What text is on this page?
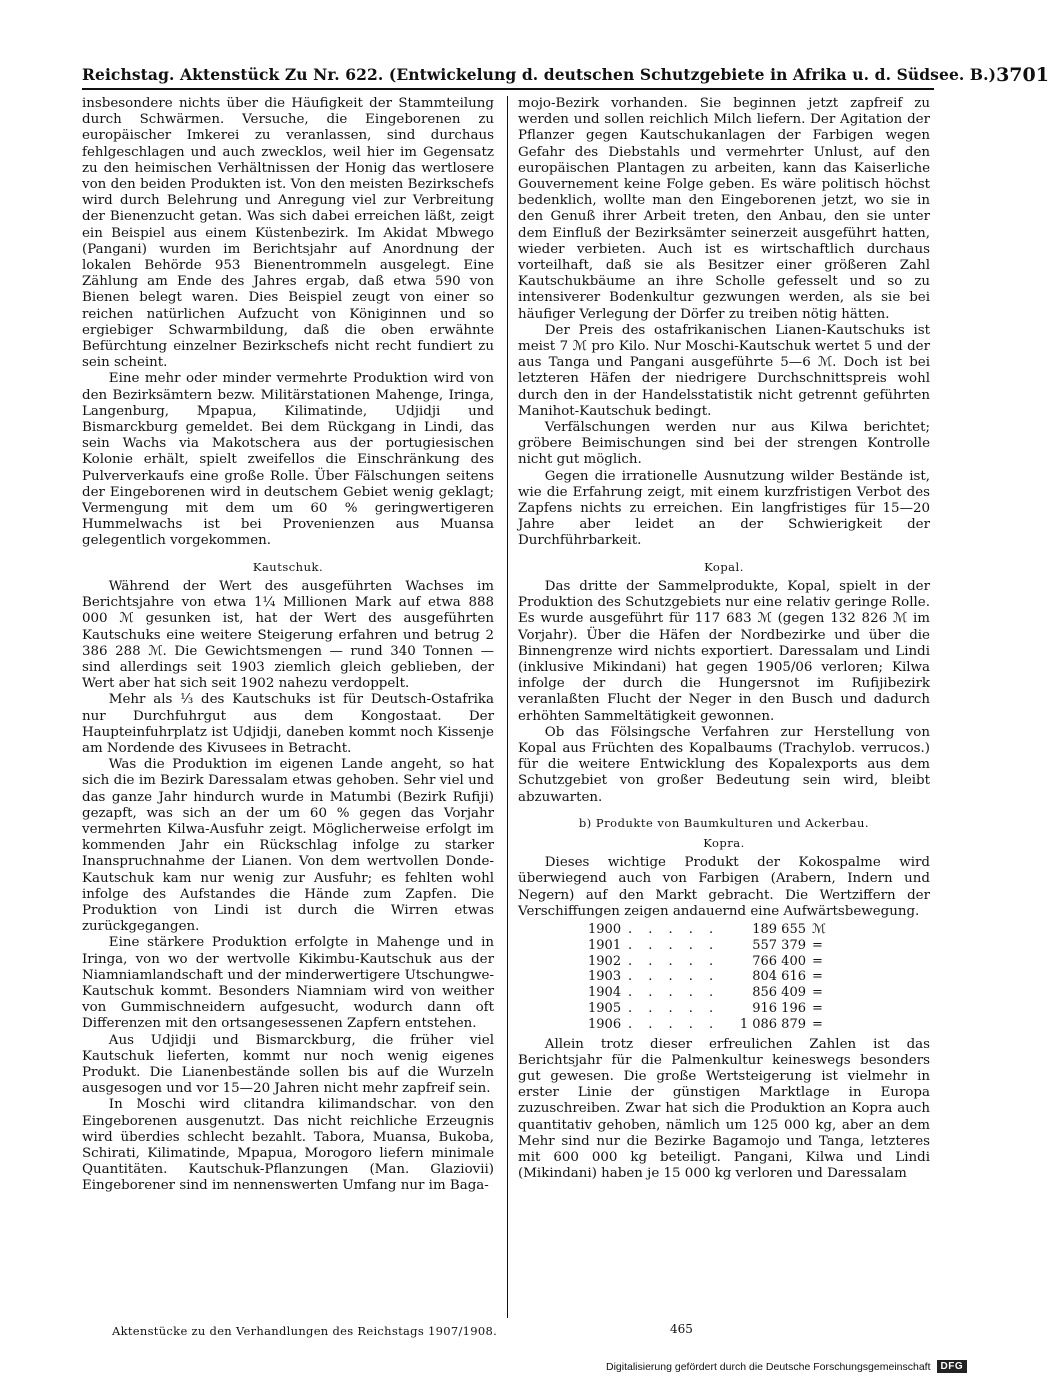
Reichstag. Aktenstück Zu Nr. 622. (Entwickelung d. deutschen Schutzgebiete in Afrika u. d. Südsee. B.) 3701

insbesondere nichts über die Häufigkeit der Stammteilung durch Schwärmen. Versuche, die Eingeborenen zu europäischer Imkerei zu veranlassen, sind durchaus fehlgeschlagen und auch zwecklos, weil hier im Gegensatz zu den heimischen Verhältnissen der Honig das wertlosere von den beiden Produkten ist. Von den meisten Bezirkschefs wird durch Belehrung und Anregung viel zur Verbreitung der Bienenzucht getan. Was sich dabei erreichen läßt, zeigt ein Beispiel aus einem Küstenbezirk. Im Akidat Mbwego (Pangani) wurden im Berichtsjahr auf Anordnung der lokalen Behörde 953 Bienentrommeln ausgelegt. Eine Zählung am Ende des Jahres ergab, daß etwa 590 von Bienen belegt waren. Dies Beispiel zeugt von einer so reichen natürlichen Aufzucht von Königinnen und so ergiebiger Schwarmbildung, daß die oben erwähnte Befürchtung einzelner Bezirkschefs nicht recht fundiert zu sein scheint.

Eine mehr oder minder vermehrte Produktion wird von den Bezirksämtern bezw. Militärstationen Mahenge, Iringa, Langenburg, Mpapua, Kilimatinde, Udjidji und Bismarckburg gemeldet. Bei dem Rückgang in Lindi, das sein Wachs via Makotschera aus der portugiesischen Kolonie erhält, spielt zweifellos die Einschränkung des Pulververkaufs eine große Rolle. Über Fälschungen seitens der Eingeborenen wird in deutschem Gebiet wenig geklagt; Vermengung mit dem um 60 % geringwertigeren Hummelwachs ist bei Provenienzen aus Muansa gelegentlich vorgekommen.

Kautschuk.

Während der Wert des ausgeführten Wachses im Berichtsjahre von etwa 1¼ Millionen Mark auf etwa 888 000 ℳ gesunken ist, hat der Wert des ausgeführten Kautschuks eine weitere Steigerung erfahren und betrug 2 386 288 ℳ. Die Gewichtsmengen — rund 340 Tonnen — sind allerdings seit 1903 ziemlich gleich geblieben, der Wert aber hat sich seit 1902 nahezu verdoppelt.

Mehr als ⅓ des Kautschuks ist für Deutsch-Ostafrika nur Durchfuhrgut aus dem Kongostaat. Der Haupteinfuhrplatz ist Udjidji, daneben kommt noch Kissenje am Nordende des Kivusees in Betracht.

Was die Produktion im eigenen Lande angeht, so hat sich die im Bezirk Daressalam etwas gehoben. Sehr viel und das ganze Jahr hindurch wurde in Matumbi (Bezirk Rufiji) gezapft, was sich an der um 60 % gegen das Vorjahr vermehrten Kilwa-Ausfuhr zeigt. Möglicherweise erfolgt im kommenden Jahr ein Rückschlag infolge zu starker Inanspruchnahme der Lianen. Von dem wertvollen Donde-Kautschuk kam nur wenig zur Ausfuhr; es fehlten wohl infolge des Aufstandes die Hände zum Zapfen. Die Produktion von Lindi ist durch die Wirren etwas zurückgegangen.

Eine stärkere Produktion erfolgte in Mahenge und in Iringa, von wo der wertvolle Kikimbu-Kautschuk aus der Niamniamlandschaft und der minderwertigere Utschungwe-Kautschuk kommt. Besonders Niamniam wird von weither von Gummischneidern aufgesucht, wodurch dann oft Differenzen mit den ortsangesessenen Zapfern entstehen.

Aus Udjidji und Bismarckburg, die früher viel Kautschuk lieferten, kommt nur noch wenig eigenes Produkt. Die Lianenbestände sollen bis auf die Wurzeln ausgesogen und vor 15—20 Jahren nicht mehr zapfreif sein.

In Moschi wird clitandra kilimandschar. von den Eingeborenen ausgenutzt. Das nicht reichliche Erzeugnis wird überdies schlecht bezahlt. Tabora, Muansa, Bukoba, Schirati, Kilimatinde, Mpapua, Morogoro liefern minimale Quantitäten. Kautschuk-Pflanzungen (Man. Glaziovii) Eingeborener sind im nennenswerten Umfang nur im Baga-

mojo-Bezirk vorhanden. Sie beginnen jetzt zapfreif zu werden und sollen reichlich Milch liefern. Der Agitation der Pflanzer gegen Kautschukanlagen der Farbigen wegen Gefahr des Diebstahls und vermehrter Unlust, auf den europäischen Plantagen zu arbeiten, kann das Kaiserliche Gouvernement keine Folge geben. Es wäre politisch höchst bedenklich, wollte man den Eingeborenen jetzt, wo sie in den Genuß ihrer Arbeit treten, den Anbau, den sie unter dem Einfluß der Bezirksämter seinerzeit ausgeführt hatten, wieder verbieten. Auch ist es wirtschaftlich durchaus vorteilhaft, daß sie als Besitzer einer größeren Zahl Kautschukbäume an ihre Scholle gefesselt und so zu intensiverer Bodenkultur gezwungen werden, als sie bei häufiger Verlegung der Dörfer zu treiben nötig hätten.

Der Preis des ostafrikanischen Lianen-Kautschuks ist meist 7 ℳ pro Kilo. Nur Moschi-Kautschuk wertet 5 und der aus Tanga und Pangani ausgeführte 5—6 ℳ. Doch ist bei letzteren Häfen der niedrigere Durchschnittspreis wohl durch den in der Handelsstatistik nicht getrennt geführten Manihot-Kautschuk bedingt.

Verfälschungen werden nur aus Kilwa berichtet; gröbere Beimischungen sind bei der strengen Kontrolle nicht gut möglich.

Gegen die irrationelle Ausnutzung wilder Bestände ist, wie die Erfahrung zeigt, mit einem kurzfristigen Verbot des Zapfens nichts zu erreichen. Ein langfristiges für 15—20 Jahre aber leidet an der Schwierigkeit der Durchführbarkeit.

Kopal.

Das dritte der Sammelprodukte, Kopal, spielt in der Produktion des Schutzgebiets nur eine relativ geringe Rolle. Es wurde ausgeführt für 117 683 ℳ (gegen 132 826 ℳ im Vorjahr). Über die Häfen der Nordbezirke und über die Binnengrenze wird nichts exportiert. Daressalam und Lindi (inklusive Mikindani) hat gegen 1905/06 verloren; Kilwa infolge der durch die Hungersnot im Rufijibezirk veranlaßten Flucht der Neger in den Busch und dadurch erhöhten Sammeltätigkeit gewonnen.

Ob das Fölsingsche Verfahren zur Herstellung von Kopal aus Früchten des Kopalbaums (Trachylob. verrucos.) für die weitere Entwicklung des Kopalexports aus dem Schutzgebiet von großer Bedeutung sein wird, bleibt abzuwarten.

b) Produkte von Baumkulturen und Ackerbau.
Kopra.

Dieses wichtige Produkt der Kokospalme wird überwiegend auch von Farbigen (Arabern, Indern und Negern) auf den Markt gebracht. Die Wertziffern der Verschiffungen zeigen andauernd eine Aufwärtsbewegung.

1900	. . . . .	189 655	ℳ
1901	. . . . .	557 379	=
1902	. . . . .	766 400	=
1903	. . . . .	804 616	=
1904	. . . . .	856 409	=
1905	. . . . .	916 196	=
1906	. . . . .	1 086 879	=

Allein trotz dieser erfreulichen Zahlen ist das Berichtsjahr für die Palmenkultur keineswegs besonders gut gewesen. Die große Wertsteigerung ist vielmehr in erster Linie der günstigen Marktlage in Europa zuzuschreiben. Zwar hat sich die Produktion an Kopra auch quantitativ gehoben, nämlich um 125 000 kg, aber an dem Mehr sind nur die Bezirke Bagamojo und Tanga, letzteres mit 600 000 kg beteiligt. Pangani, Kilwa und Lindi (Mikindani) haben je 15 000 kg verloren und Daressalam

Aktenstücke zu den Verhandlungen des Reichstags 1907/1908.	465
Digitalisierung gefördert durch die Deutsche Forschungsgemeinschaft	DFG
